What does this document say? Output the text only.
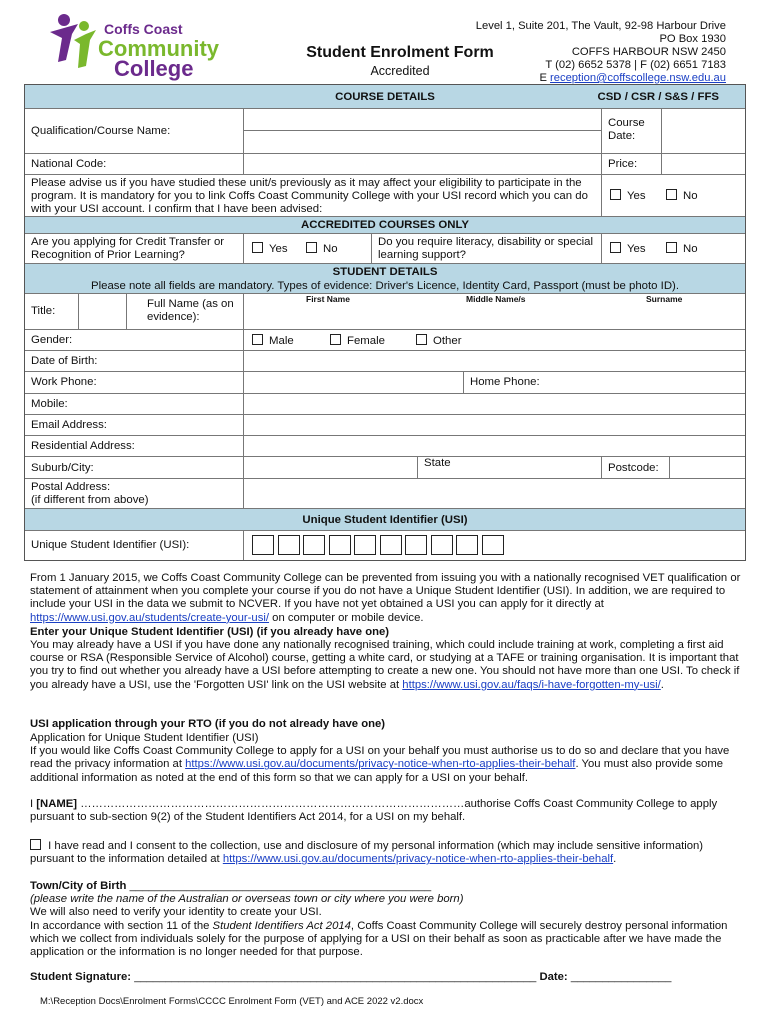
Coffs Coast
Community
College
Student Enrolment Form
Accredited
Level 1, Suite 201, The Vault, 92-98 Harbour Drive
PO Box 1930
COFFS HARBOUR NSW 2450
T (02) 6652 5378 | F (02) 6651 7183
E reception@coffscollege.nsw.edu.au
COURSE DETAILS	CSD / CSR / S&S / FFS
Qualification/Course Name:
Course Date:
National Code:	Price:
Please advise us if you have studied these unit/s previously as it may affect your eligibility to participate in the program. It is mandatory for you to link Coffs Coast Community College with your USI record which you can do with your USI account. I confirm that I have been advised:
Yes	No
ACCREDITED COURSES ONLY
Are you applying for Credit Transfer or Recognition of Prior Learning?	Yes	No
Do you require literacy, disability or special learning support?	Yes	No
STUDENT DETAILS
Please note all fields are mandatory. Types of evidence: Driver's Licence, Identity Card, Passport (must be photo ID).
Title:
Full Name (as on evidence):
First Name	Middle Name/s	Surname
Gender:	Male	Female	Other
Date of Birth:
Work Phone:	Home Phone:
Mobile:
Email Address:
Residential Address:
Suburb/City:	State	Postcode:
Postal Address:
(if different from above)
Unique Student Identifier (USI)
Unique Student Identifier (USI):
From 1 January 2015, we Coffs Coast Community College can be prevented from issuing you with a nationally recognised VET qualification or statement of attainment when you complete your course if you do not have a Unique Student Identifier (USI). In addition, we are required to include your USI in the data we submit to NCVER. If you have not yet obtained a USI you can apply for it directly at https://www.usi.gov.au/students/create-your-usi/ on computer or mobile device.
Enter your Unique Student Identifier (USI) (if you already have one)
You may already have a USI if you have done any nationally recognised training, which could include training at work, completing a first aid course or RSA (Responsible Service of Alcohol) course, getting a white card, or studying at a TAFE or training organisation. It is important that you try to find out whether you already have a USI before attempting to create a new one. You should not have more than one USI. To check if you already have a USI, use the 'Forgotten USI' link on the USI website at https://www.usi.gov.au/faqs/i-have-forgotten-my-usi/.
USI application through your RTO (if you do not already have one)
Application for Unique Student Identifier (USI)
If you would like Coffs Coast Community College to apply for a USI on your behalf you must authorise us to do so and declare that you have read the privacy information at https://www.usi.gov.au/documents/privacy-notice-when-rto-applies-their-behalf. You must also provide some additional information as noted at the end of this form so that we can apply for a USI on your behalf.
I [NAME] …………………………………………………………………………………………authorise Coffs Coast Community College to apply pursuant to sub-section 9(2) of the Student Identifiers Act 2014, for a USI on my behalf.
I have read and I consent to the collection, use and disclosure of my personal information (which may include sensitive information) pursuant to the information detailed at https://www.usi.gov.au/documents/privacy-notice-when-rto-applies-their-behalf.
Town/City of Birth ________________________________________________
(please write the name of the Australian or overseas town or city where you were born)
We will also need to verify your identity to create your USI.
In accordance with section 11 of the Student Identifiers Act 2014, Coffs Coast Community College will securely destroy personal information which we collect from individuals solely for the purpose of applying for a USI on their behalf as soon as practicable after we have made the application or the information is no longer needed for that purpose.
Student Signature: ________________________________________________________________ Date: ________________
M:\Reception Docs\Enrolment Forms\CCCC Enrolment Form (VET) and ACE 2022 v2.docx
